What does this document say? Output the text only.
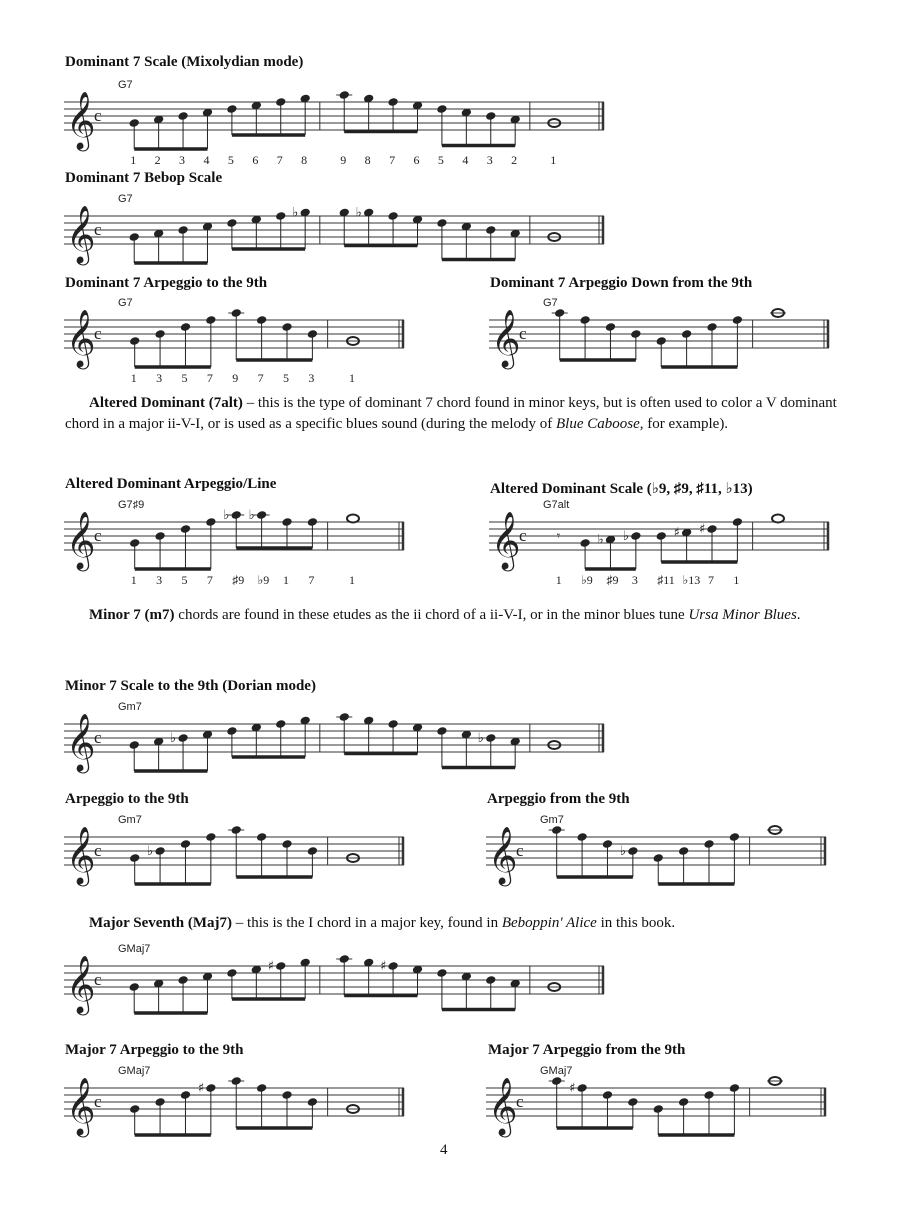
Dominant 7 Scale (Mixolydian mode)
Dominant 7 Bebop Scale
Dominant 7 Arpeggio to the 9th	Dominant 7 Arpeggio Down from the 9th
Altered Dominant Arpeggio/Line	Altered Dominant Scale (♭9, ♯9, ♯11, ♭13)
Minor 7 Scale to the 9th (Dorian mode)
Arpeggio to the 9th	Arpeggio from the 9th
Major 7 Arpeggio to the 9th	Major 7 Arpeggio from the 9th
Altered Dominant (7alt) – this is the type of dominant 7 chord found in minor keys, but is often used to color a V dominant chord in a major ii-V-I, or is used as a specific blues sound (during the melody of Blue Caboose, for example).
Minor 7 (m7) chords are found in these etudes as the ii chord of a ii-V-I, or in the minor blues tune Ursa Minor Blues.
Major Seventh (Maj7) – this is the I chord in a major key, found in Beboppin' Alice in this book.
G7
𝄞
c
1 2 3 4 5 6 7 8	9 8 7 6 5 4 3 2	1
G7
𝄞
c
♭	♭
G7
𝄞
c
1 3 5 7 9 7 5 3	1
G7
𝄞
c
G7♯9
𝄞
c
♭ ♭
1 3 5 7 ♯9 ♭9 1 7	1
G7alt
𝄞
c 𝄾	♭ ♭	♯ ♯
1 ♭9 ♯9 3 ♯11 ♭13 7 1
Gm7
𝄞
c	♭	♭
Gm7
𝄞
c	♭
Gm7
𝄞
c	♭
GMaj7
𝄞
c
♯	♯
GMaj7
𝄞
c
♯
GMaj7
𝄞
c
♯
4
